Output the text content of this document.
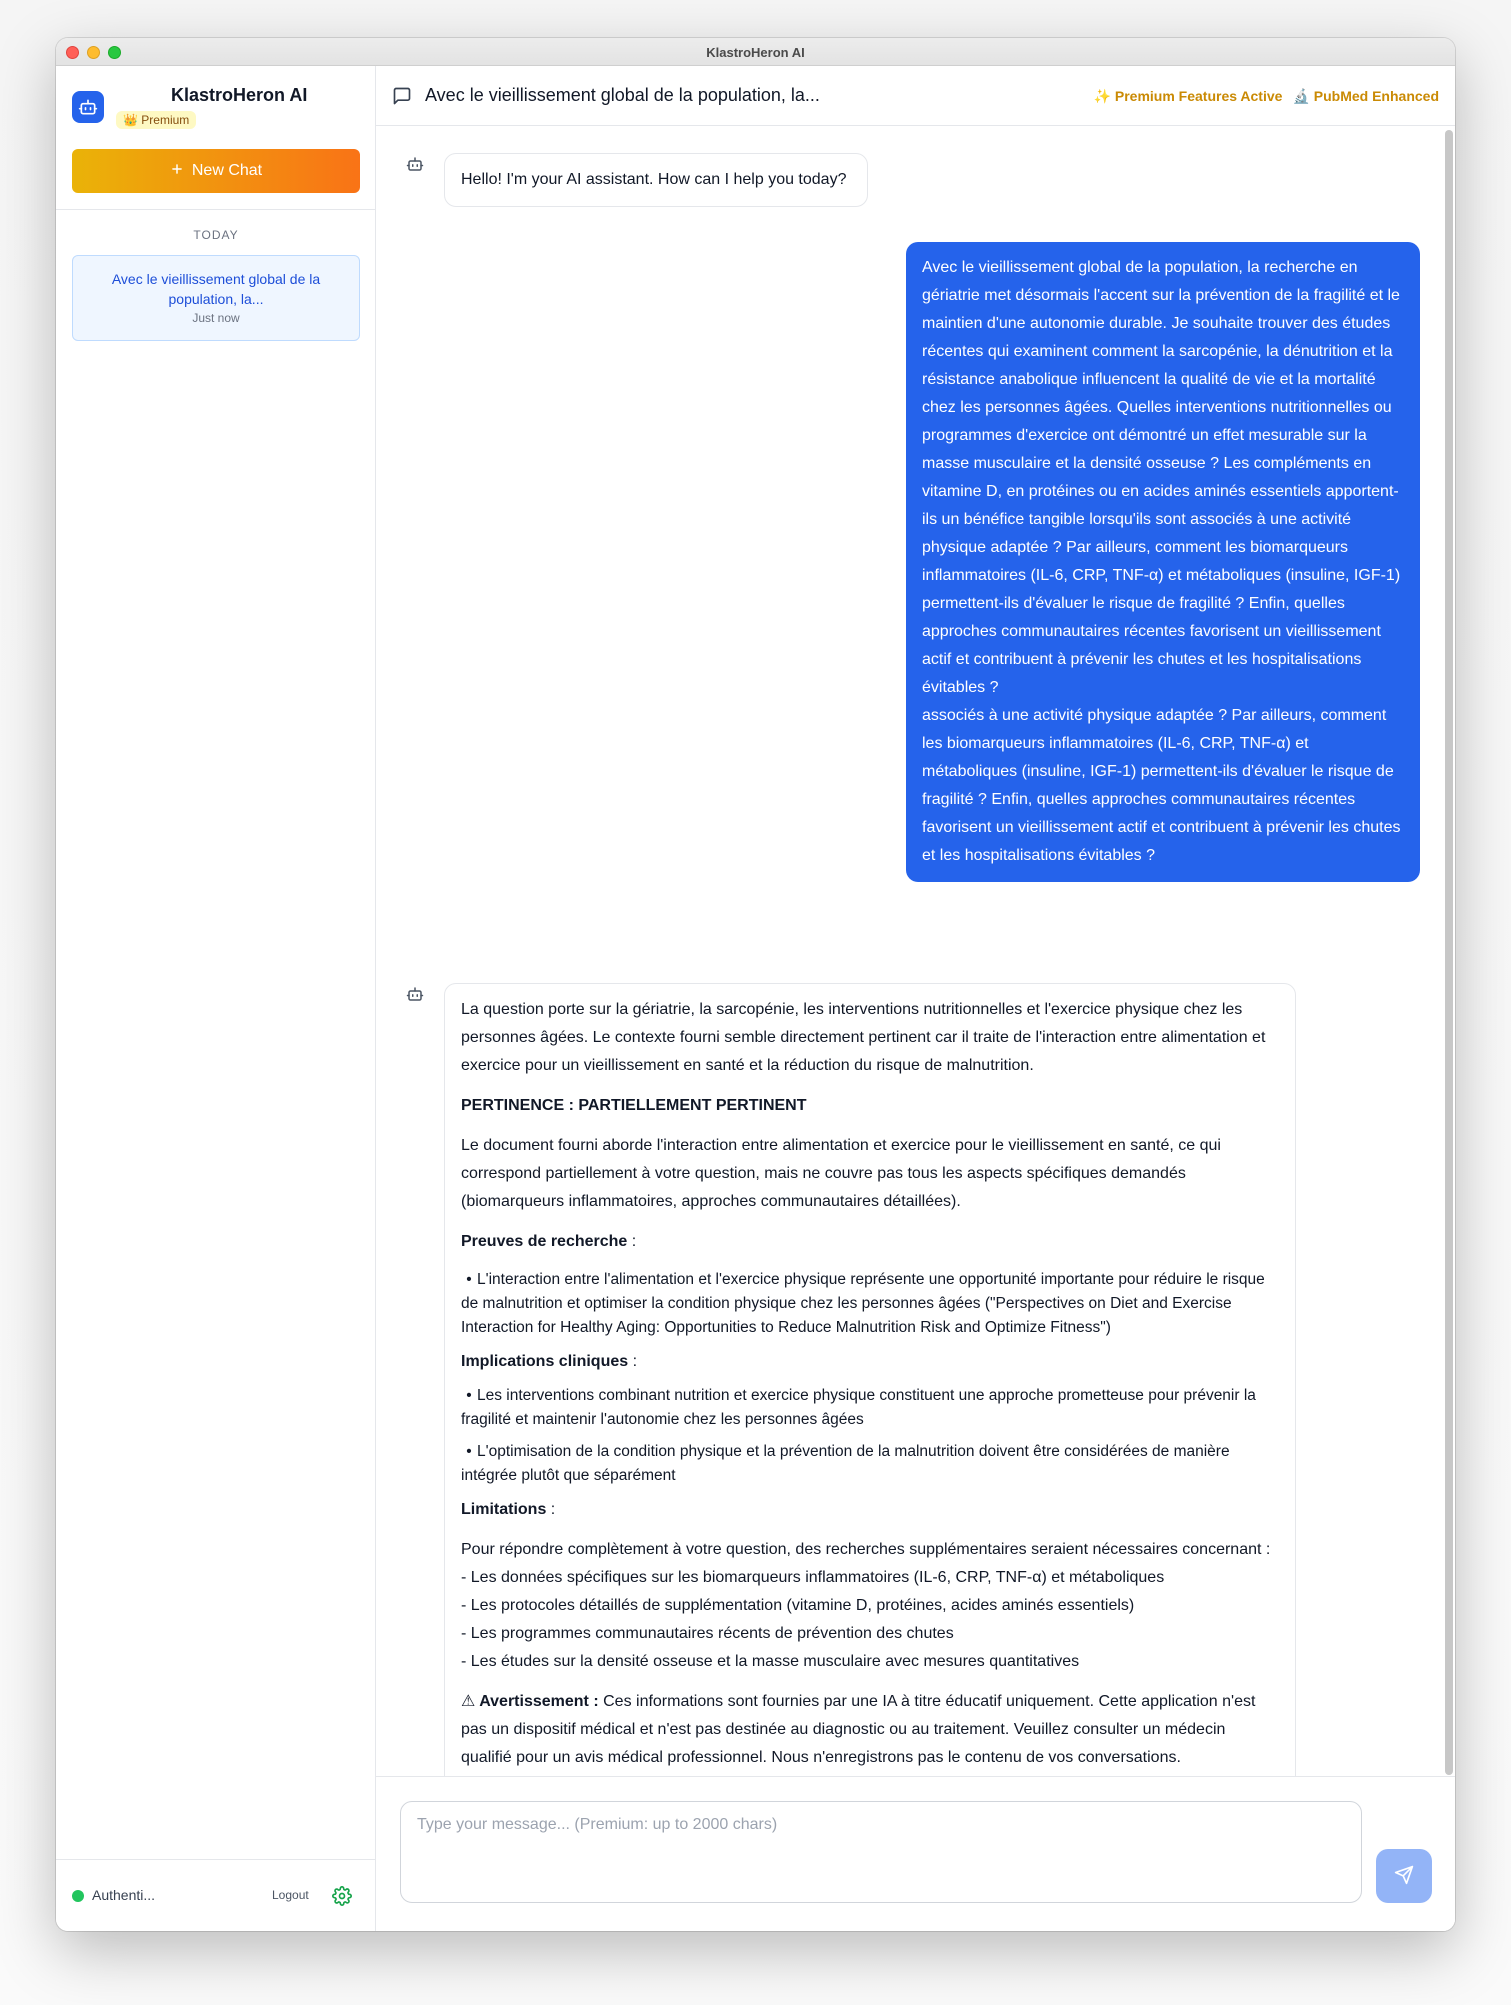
KlastroHeron AI
KlastroHeron AI
👑 Premium
New Chat
TODAY
Avec le vieillissement global de la population, la...
Just now
Authenti...	Logout
Avec le vieillissement global de la population, la...	✨ Premium Features Active 🔬 PubMed Enhanced
Hello! I'm your AI assistant. How can I help you today?
Avec le vieillissement global de la population, la recherche en gériatrie met désormais l'accent sur la prévention de la fragilité et le maintien d'une autonomie durable. Je souhaite trouver des études récentes qui examinent comment la sarcopénie, la dénutrition et la résistance anabolique influencent la qualité de vie et la mortalité chez les personnes âgées. Quelles interventions nutritionnelles ou programmes d'exercice ont démontré un effet mesurable sur la masse musculaire et la densité osseuse ? Les compléments en vitamine D, en protéines ou en acides aminés essentiels apportent-ils un bénéfice tangible lorsqu'ils sont associés à une activité physique adaptée ? Par ailleurs, comment les biomarqueurs inflammatoires (IL-6, CRP, TNF-α) et métaboliques (insuline, IGF-1) permettent-ils d'évaluer le risque de fragilité ? Enfin, quelles approches communautaires récentes favorisent un vieillissement actif et contribuent à prévenir les chutes et les hospitalisations évitables ?
associés à une activité physique adaptée ? Par ailleurs, comment les biomarqueurs inflammatoires (IL-6, CRP, TNF-α) et métaboliques (insuline, IGF-1) permettent-ils d'évaluer le risque de fragilité ? Enfin, quelles approches communautaires récentes favorisent un vieillissement actif et contribuent à prévenir les chutes et les hospitalisations évitables ?

La question porte sur la gériatrie, la sarcopénie, les interventions nutritionnelles et l'exercice physique chez les personnes âgées. Le contexte fourni semble directement pertinent car il traite de l'interaction entre alimentation et exercice pour un vieillissement en santé et la réduction du risque de malnutrition.

PERTINENCE : PARTIELLEMENT PERTINENT

Le document fourni aborde l'interaction entre alimentation et exercice pour le vieillissement en santé, ce qui correspond partiellement à votre question, mais ne couvre pas tous les aspects spécifiques demandés (biomarqueurs inflammatoires, approches communautaires détaillées).

Preuves de recherche :

• L'interaction entre l'alimentation et l'exercice physique représente une opportunité importante pour réduire le risque de malnutrition et optimiser la condition physique chez les personnes âgées ("Perspectives on Diet and Exercise Interaction for Healthy Aging: Opportunities to Reduce Malnutrition Risk and Optimize Fitness")

Implications cliniques :

• Les interventions combinant nutrition et exercice physique constituent une approche prometteuse pour prévenir la fragilité et maintenir l'autonomie chez les personnes âgées
• L'optimisation de la condition physique et la prévention de la malnutrition doivent être considérées de manière intégrée plutôt que séparément

Limitations :

Pour répondre complètement à votre question, des recherches supplémentaires seraient nécessaires concernant :
- Les données spécifiques sur les biomarqueurs inflammatoires (IL-6, CRP, TNF-α) et métaboliques
- Les protocoles détaillés de supplémentation (vitamine D, protéines, acides aminés essentiels)
- Les programmes communautaires récents de prévention des chutes
- Les études sur la densité osseuse et la masse musculaire avec mesures quantitatives

⚠ Avertissement : Ces informations sont fournies par une IA à titre éducatif uniquement. Cette application n'est pas un dispositif médical et n'est pas destinée au diagnostic ou au traitement. Veuillez consulter un médecin qualifié pour un avis médical professionnel. Nous n'enregistrons pas le contenu de vos conversations.

Type your message... (Premium: up to 2000 chars)
